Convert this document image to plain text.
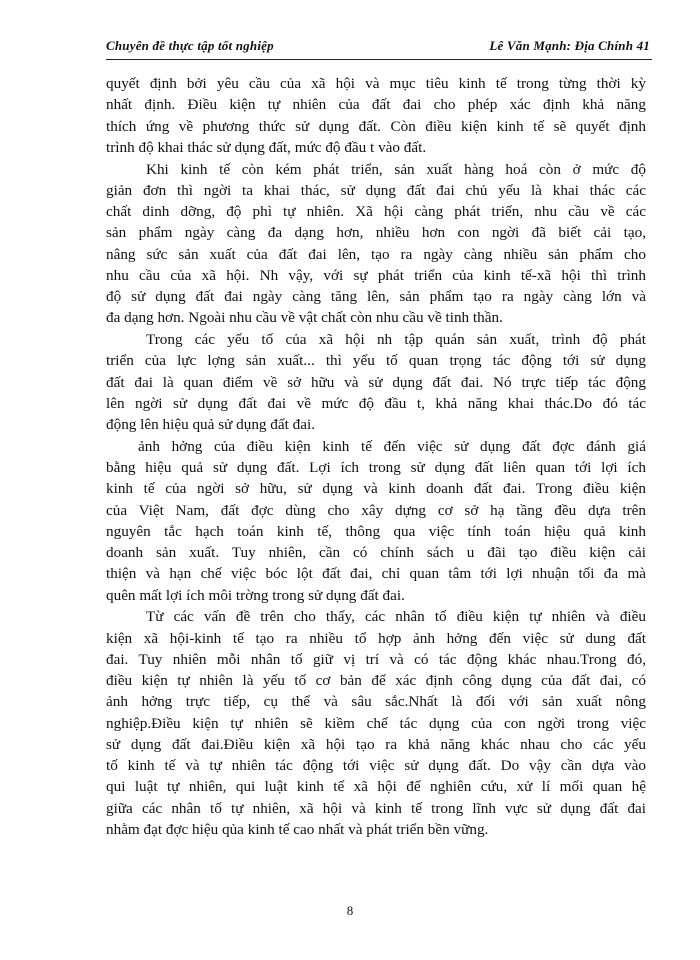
Chuyên đề thực tập tốt nghiệp	Lê Văn Mạnh: Địa Chính 41
quyết định bởi yêu cầu của xã hội và mục tiêu kinh tế trong từng thời kỳ
nhất định. Điều kiện tự nhiên của đất đai cho phép xác định khả năng
thích ứng về phương thức sử dụng đất. Còn điều kiện kinh tế sẽ quyết định
trình độ khai thác sử dụng đất, mức độ đầu t vào đất.
Khi kinh tế còn kém phát triển, sản xuất hàng hoá còn ở mức độ
giản đơn thì ngời ta khai thác, sử dụng đất đai chủ yếu là khai thác các
chất dinh dỡng, độ phì tự nhiên. Xã hội càng phát triển, nhu cầu về các
sản phẩm ngày càng đa dạng hơn, nhiều hơn con ngời đã biết cải tạo,
nâng sức sản xuất của đất đai lên, tạo ra ngày càng nhiều sản phẩm cho
nhu cầu của xã hội. Nh vậy, với sự phát triển của kinh tế-xã hội thì trình
độ sử dụng đất đai ngày càng tăng lên, sản phẩm tạo ra ngày càng lớn và
đa dạng hơn. Ngoài nhu cầu về vật chất còn nhu cầu về tinh thần.
Trong các yếu tố của xã hội nh tập quán sản xuất, trình độ phát
triển của lực lợng sản xuất... thì yếu tố quan trọng tác động tới sử dụng
đất đai là quan điểm về sở hữu và sử dụng đất đai. Nó trực tiếp tác động
lên ngời sử dụng đất đai về mức độ đầu t, khả năng khai thác.Do đó tác
động lên hiệu quả sử dụng đất đai.
ảnh hởng của điều kiện kinh tế đến việc sử dụng đất đợc đánh giá
bằng hiệu quả sử dụng đất. Lợi ích trong sử dụng đất liên quan tới lợi ích
kinh tế của ngời sở hữu, sử dụng và kinh doanh đất đai. Trong điều kiện
của Việt Nam, đất đợc dùng cho xây dựng cơ sở hạ tầng đều dựa trên
nguyên tắc hạch toán kinh tế, thông qua việc tính toán hiệu quả kinh
doanh sản xuất. Tuy nhiên, cần có chính sách u đãi tạo điều kiện cải
thiện và hạn chế việc bóc lột đất đai, chỉ quan tâm tới lợi nhuận tối đa mà
quên mất lợi ích môi trờng trong sử dụng đất đai.
Từ các vấn đề trên cho thấy, các nhân tố điều kiện tự nhiên và điều
kiện xã hội-kinh tế tạo ra nhiều tổ hợp ảnh hởng đến việc sử dung đất
đai. Tuy nhiên mỗi nhân tố giữ vị trí và có tác động khác nhau.Trong đó,
điều kiện tự nhiên là yếu tố cơ bản để xác định công dụng của đất đai, có
ảnh hởng trực tiếp, cụ thể và sâu sắc.Nhất là đối với sản xuất nông
nghiệp.Điều kiện tự nhiên sẽ kiềm chế tác dụng của con ngời trong việc
sử dụng đất đai.Điều kiện xã hội tạo ra khả năng khác nhau cho các yếu
tố kinh tế và tự nhiên tác động tới việc sử dụng đất. Do vậy cần dựa vào
qui luật tự nhiên, qui luật kinh tế xã hội để nghiên cứu, xử lí mối quan hệ
giữa các nhân tố tự nhiên, xã hội và kinh tế trong lĩnh vực sử dụng đất đai
nhằm đạt đợc hiệu qủa kinh tế cao nhất và phát triển bền vững.
8
